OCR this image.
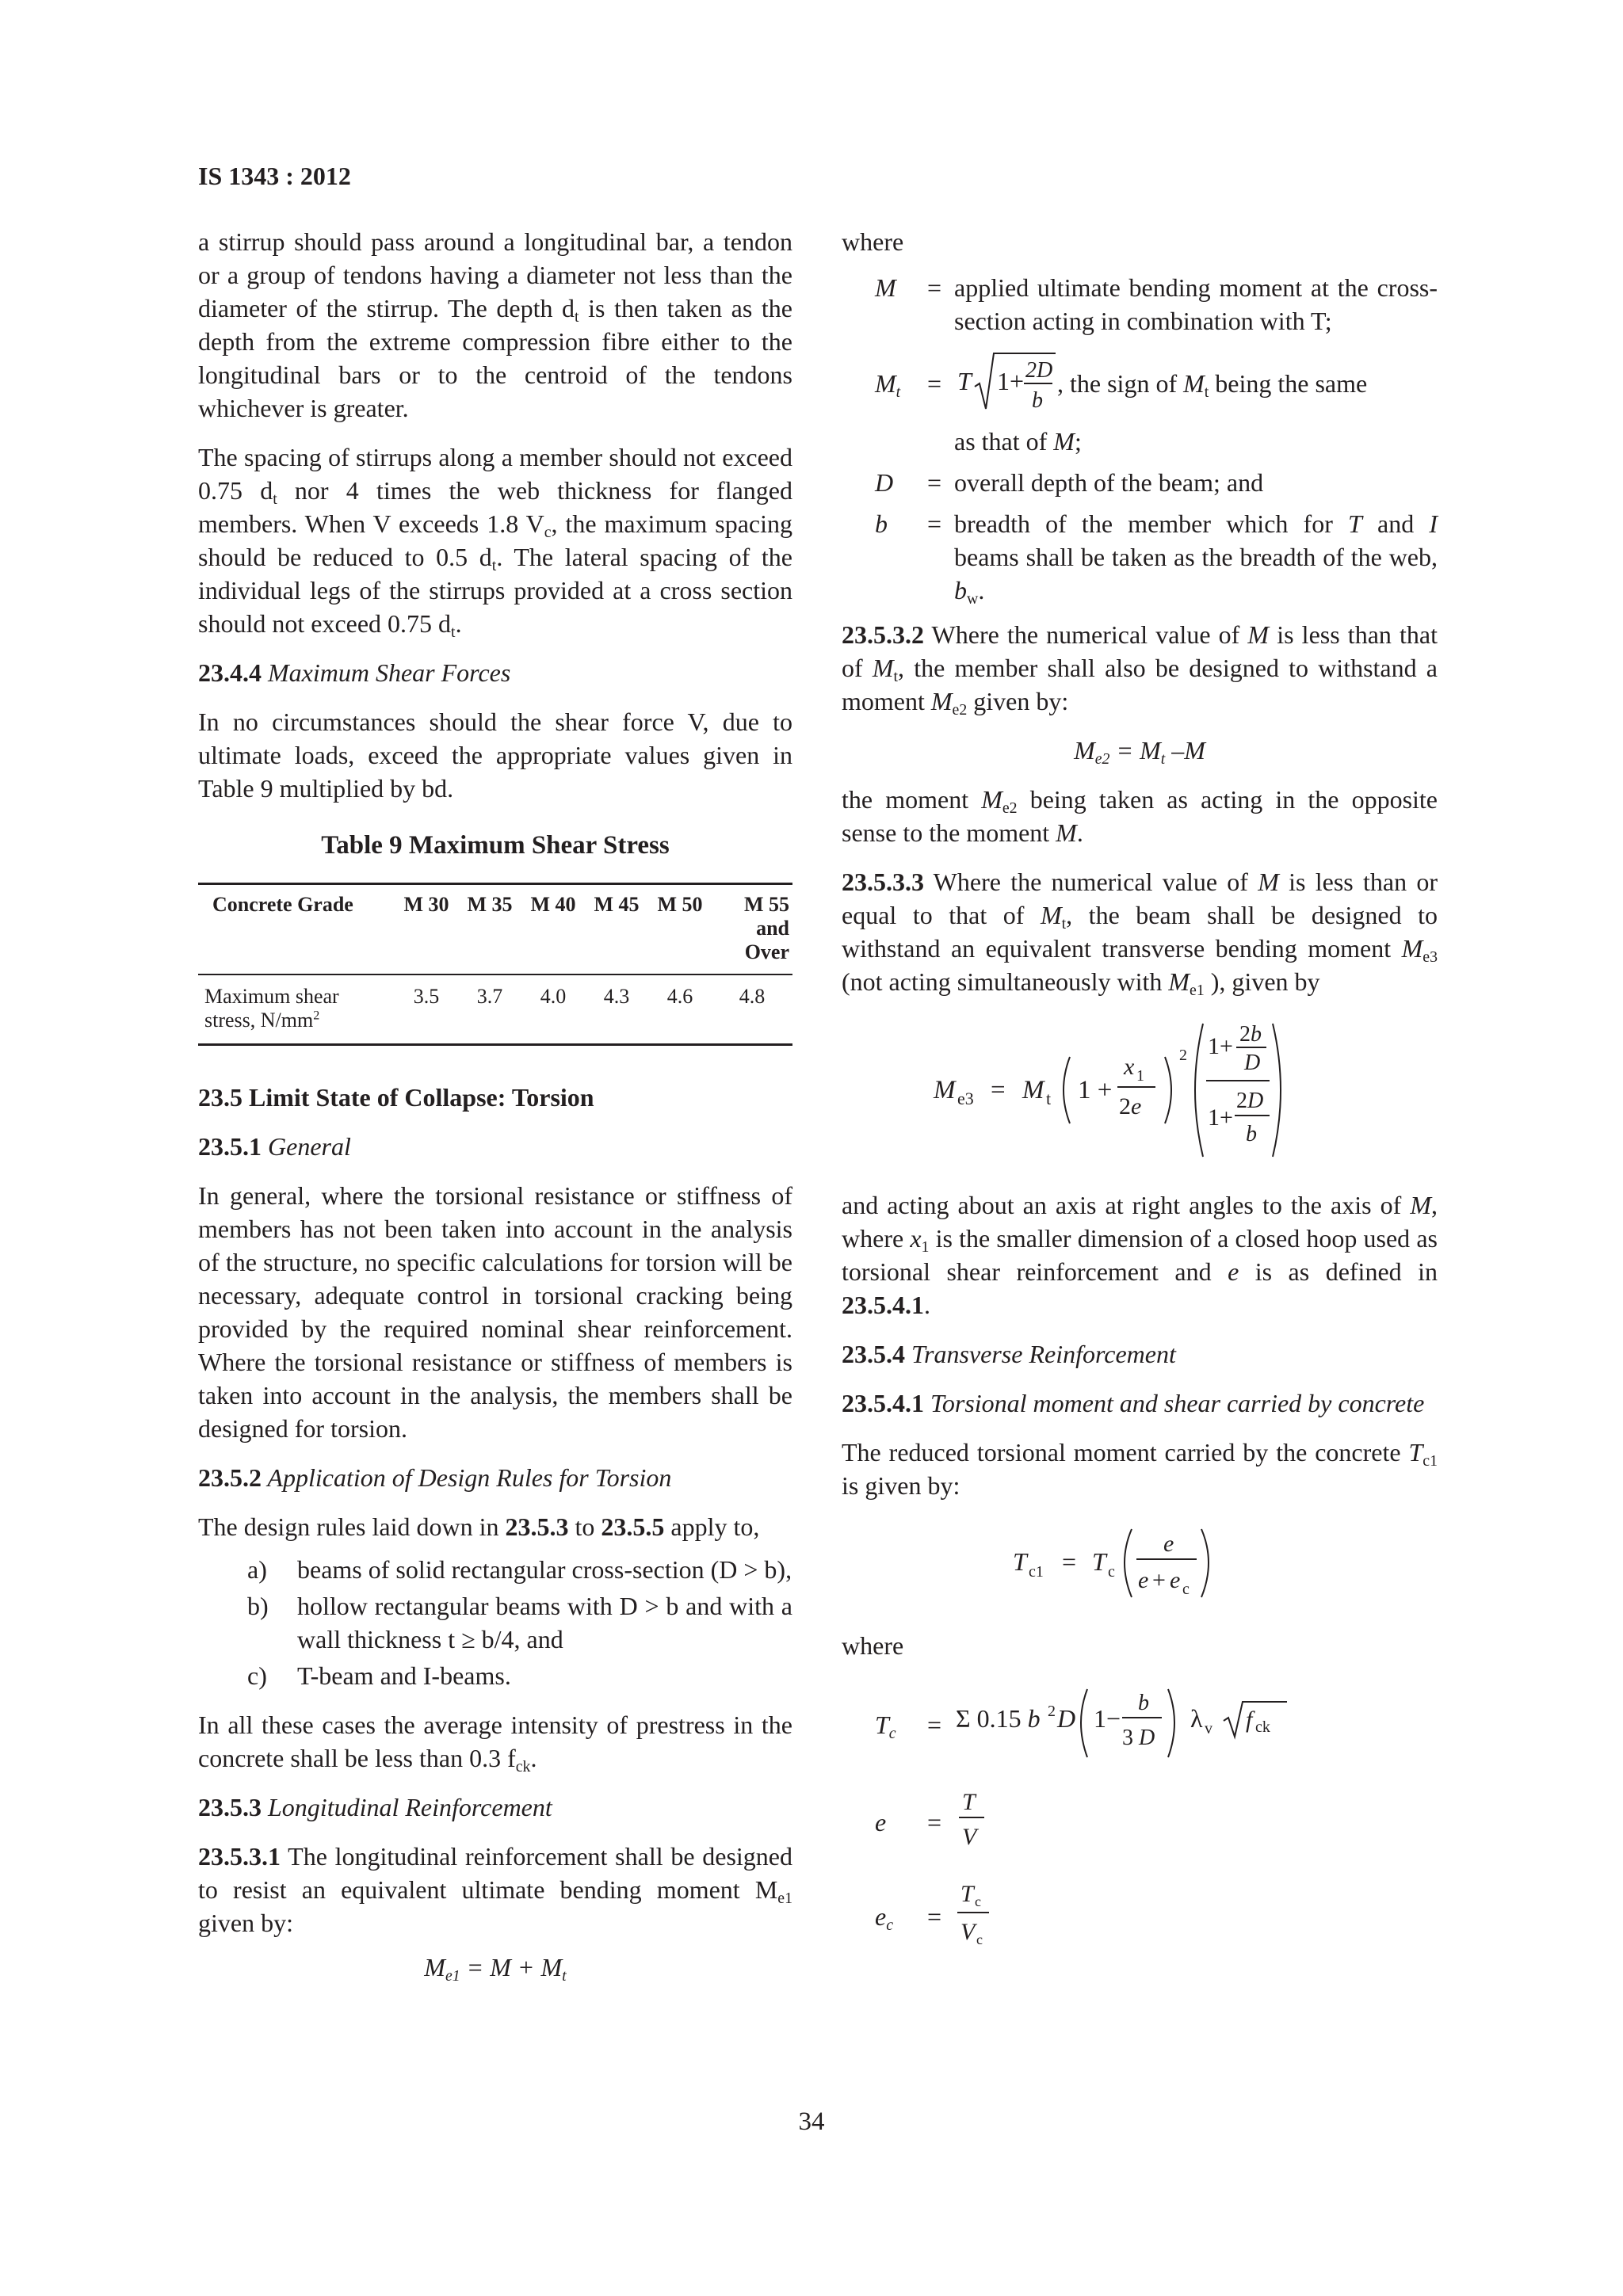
IS 1343 : 2012

a stirrup should pass around a longitudinal bar, a tendon or a group of tendons having a diameter not less than the diameter of the stirrup. The depth $d_t$ is then taken as the depth from the extreme compression fibre either to the longitudinal bars or to the centroid of the tendons whichever is greater.

The spacing of stirrups along a member should not exceed 0.75 $d_t$ nor 4 times the web thickness for flanged members. When V exceeds 1.8 $V_c$, the maximum spacing should be reduced to 0.5 $d_t$. The lateral spacing of the individual legs of the stirrups provided at a cross section should not exceed 0.75 $d_t$.

23.4.4 Maximum Shear Forces

In no circumstances should the shear force V, due to ultimate loads, exceed the appropriate values given in Table 9 multiplied by bd.

Table 9 Maximum Shear Stress
Concrete Grade	M 30	M 35	M 40	M 45	M 50	M 55 and Over
Maximum shear stress, $N/mm^2$	3.5	3.7	4.0	4.3	4.6	4.8

23.5 Limit State of Collapse: Torsion

23.5.1 General

In general, where the torsional resistance or stiffness of members has not been taken into account in the analysis of the structure, no specific calculations for torsion will be necessary, adequate control in torsional cracking being provided by the required nominal shear reinforcement. Where the torsional resistance or stiffness of members is taken into account in the analysis, the members shall be designed for torsion.

23.5.2 Application of Design Rules for Torsion

The design rules laid down in 23.5.3 to 23.5.5 apply to,

a)	beams of solid rectangular cross-section (D > b),
b)	hollow rectangular beams with D > b and with a wall thickness t ≥ b/4, and
c)	T-beam and I-beams.

In all these cases the average intensity of prestress in the concrete shall be less than 0.3 $f_{ck}$.

23.5.3 Longitudinal Reinforcement

23.5.3.1 The longitudinal reinforcement shall be designed to resist an equivalent ultimate bending moment $M_{e1}$ given by:

$M_{e1} = M + M_t$

where

M	= applied ultimate bending moment at the cross-section acting in combination with T;
$M_t$	= T 1+ 2D
b
, the sign of $M_t$ being the same
as that of M;
D	= overall depth of the beam; and
b	= breadth of the member which for T and I beams shall be taken as the breadth of the web, $b_w$.

23.5.3.2 Where the numerical value of M is less than that of $M_t$, the member shall also be designed to withstand a moment $M_{e2}$ given by:

$M_{e2} = M_t$ –M

the moment $M_{e2}$ being taken as acting in the opposite sense to the moment M.

23.5.3.3 Where the numerical value of M is less than or equal to that of $M_t$, the beam shall be designed to withstand an equivalent transverse bending moment $M_{e3}$ (not acting simultaneously with $M_{e1}$ ), given by

M e3 = M t 1 +
x 1
2e
2 1+ 2b
D
1+
2D
b

and acting about an axis at right angles to the axis of M, where $x_1$ is the smaller dimension of a closed hoop used as torsional shear reinforcement and e is as defined in 23.5.4.1.

23.5.4 Transverse Reinforcement

23.5.4.1 Torsional moment and shear carried by concrete

The reduced torsional moment carried by the concrete $T_{c1}$ is given by:

T c1 = T c
e
e + e c

where

$T_c$	= Σ 0.15 b 2 D 1−
b
3 D
λ v f ck
e	=
T
V
$e_c$	=
T c
V c
34
